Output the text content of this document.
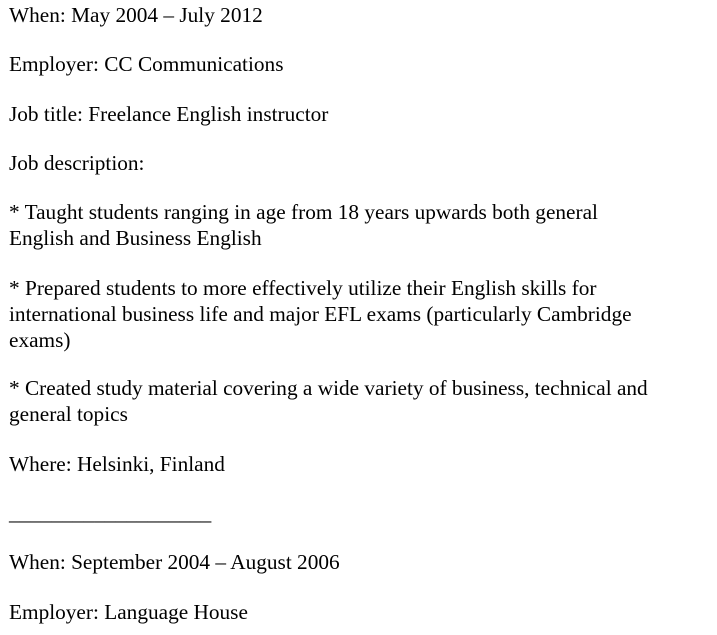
When: May 2004 – July 2012
Employer: CC Communications
Job title: Freelance English instructor
Job description:
* Taught students ranging in age from 18 years upwards both general
English and Business English
* Prepared students to more effectively utilize their English skills for
international business life and major EFL exams (particularly Cambridge
exams)
* Created study material covering a wide variety of business, technical and
general topics
Where: Helsinki, Finland
___________________
When: September 2004 – August 2006
Employer: Language House
